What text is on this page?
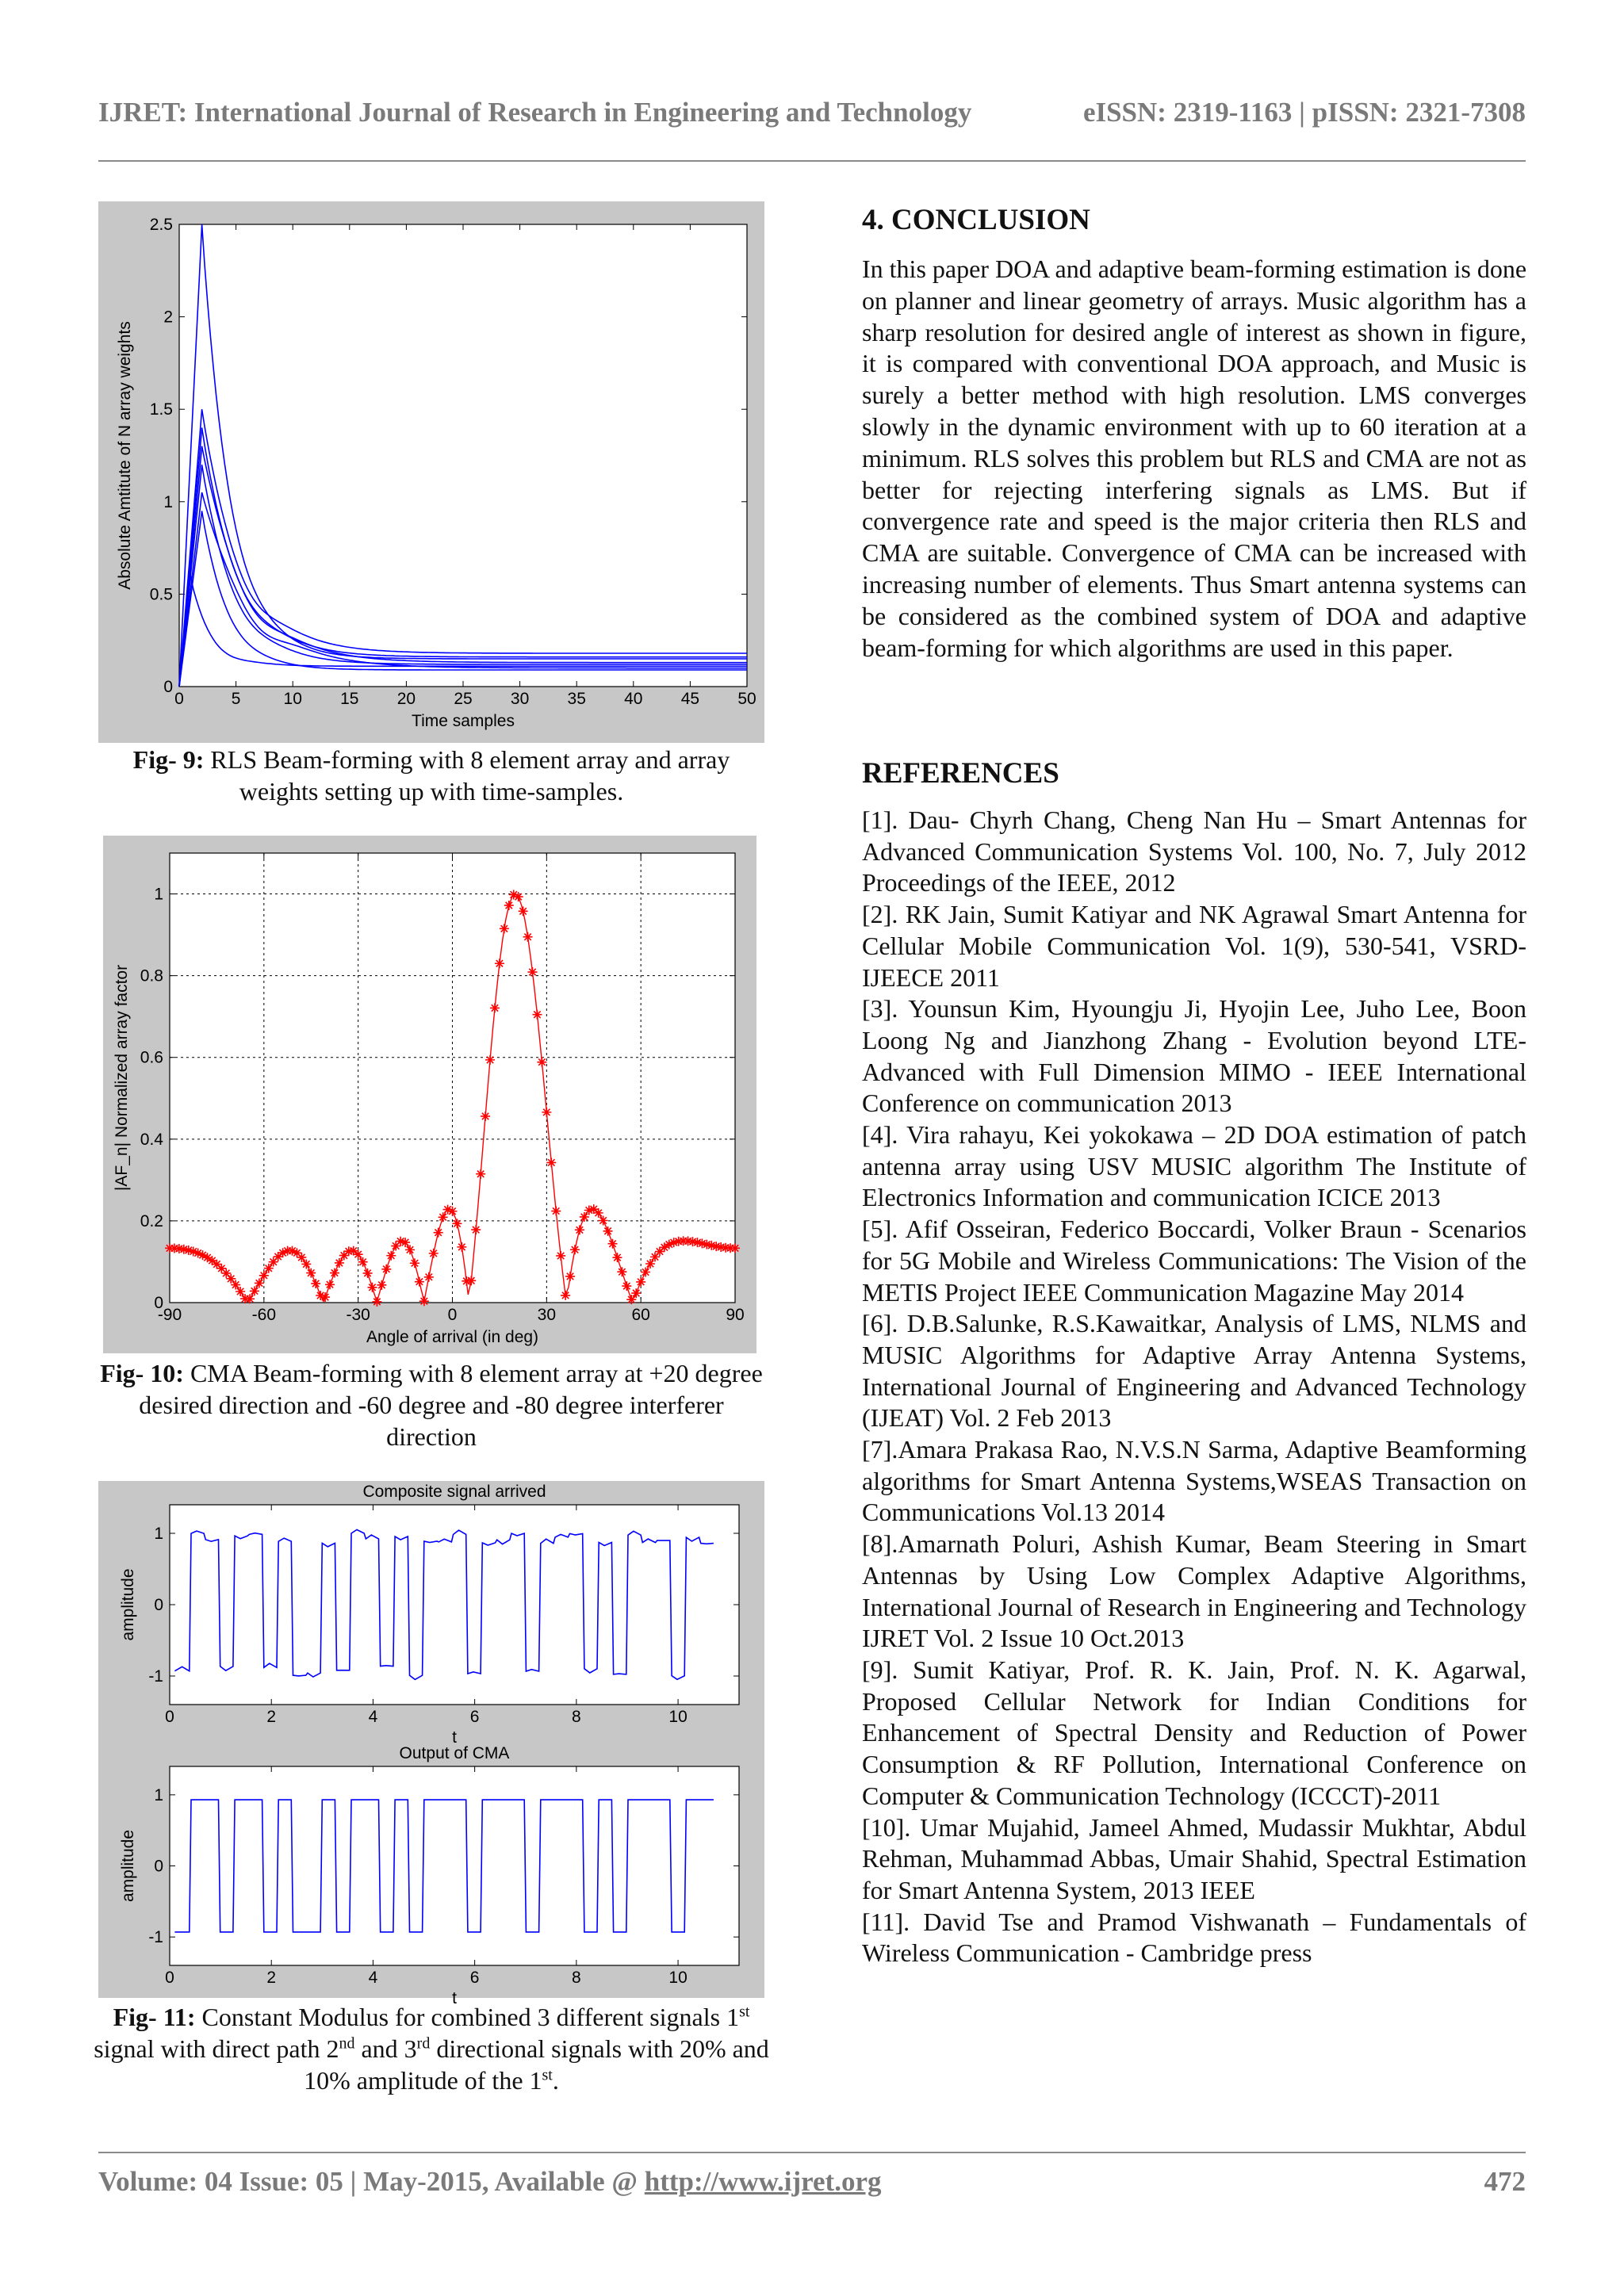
IJRET: International Journal of Research in Engineering and Technology	eISSN: 2319-1163 | pISSN: 2321-7308
0	5	10 15 20 25 30 35 40 45 50
0
0.5
1
1.5
2
2.5
Time samples
Absolute Amtitute of N array weights
Fig- 9: RLS Beam-forming with 8 element array and array weights setting up with time-samples.
-90	-60	-30	0	30	60	90
0
0.2
0.4
0.6
0.8
1
Angle of arrival (in deg)
|AF_n| Normalized array factor
Fig- 10: CMA Beam-forming with 8 element array at +20 degree desired direction and -60 degree and -80 degree interferer direction
0	2	4	6	8	10
-1
0
1
t
amplitude
Composite signal arrived
0	2	4	6	8	10
-1
0
1
t
amplitude
Output of CMA
Fig- 11: Constant Modulus for combined 3 different signals 1st signal with direct path 2nd and 3rd directional signals with 20% and 10% amplitude of the 1st.
4. CONCLUSION
In this paper DOA and adaptive beam-forming estimation is done on planner and linear geometry of arrays. Music algorithm has a sharp resolution for desired angle of interest as shown in figure, it is compared with conventional DOA approach, and Music is surely a better method with high resolution. LMS converges slowly in the dynamic environment with up to 60 iteration at a minimum. RLS solves this problem but RLS and CMA are not as better for rejecting interfering signals as LMS. But if convergence rate and speed is the major criteria then RLS and CMA are suitable. Convergence of CMA can be increased with increasing number of elements. Thus Smart antenna systems can be considered as the combined system of DOA and adaptive beam-forming for which algorithms are used in this paper.
REFERENCES

[1]. Dau- Chyrh Chang, Cheng Nan Hu – Smart Antennas for Advanced Communication Systems Vol. 100, No. 7, July 2012 Proceedings of the IEEE, 2012

[2]. RK Jain, Sumit Katiyar and NK Agrawal Smart Antenna for Cellular Mobile Communication Vol. 1(9), 530-541, VSRD-IJEECE 2011

[3]. Younsun Kim, Hyoungju Ji, Hyojin Lee, Juho Lee, Boon Loong Ng and Jianzhong Zhang - Evolution beyond LTE-Advanced with Full Dimension MIMO - IEEE International Conference on communication 2013

[4]. Vira rahayu, Kei yokokawa – 2D DOA estimation of patch antenna array using USV MUSIC algorithm The Institute of Electronics Information and communication ICICE 2013

[5]. Afif Osseiran, Federico Boccardi, Volker Braun - Scenarios for 5G Mobile and Wireless Communications: The Vision of the METIS Project IEEE Communication Magazine May 2014

[6]. D.B.Salunke, R.S.Kawaitkar, Analysis of LMS, NLMS and MUSIC Algorithms for Adaptive Array Antenna Systems, International Journal of Engineering and Advanced Technology (IJEAT) Vol. 2 Feb 2013

[7].Amara Prakasa Rao, N.V.S.N Sarma, Adaptive Beamforming algorithms for Smart Antenna Systems,WSEAS Transaction on Communications Vol.13 2014

[8].Amarnath Poluri, Ashish Kumar, Beam Steering in Smart Antennas by Using Low Complex Adaptive Algorithms, International Journal of Research in Engineering and Technology IJRET Vol. 2 Issue 10 Oct.2013

[9]. Sumit Katiyar, Prof. R. K. Jain, Prof. N. K. Agarwal, Proposed Cellular Network for Indian Conditions for Enhancement of Spectral Density and Reduction of Power Consumption & RF Pollution, International Conference on Computer & Communication Technology (ICCCT)-2011

[10]. Umar Mujahid, Jameel Ahmed, Mudassir Mukhtar, Abdul Rehman, Muhammad Abbas, Umair Shahid, Spectral Estimation for Smart Antenna System, 2013 IEEE

[11]. David Tse and Pramod Vishwanath – Fundamentals of Wireless Communication - Cambridge press

Volume: 04 Issue: 05 | May-2015, Available @ http://www.ijret.org	472
